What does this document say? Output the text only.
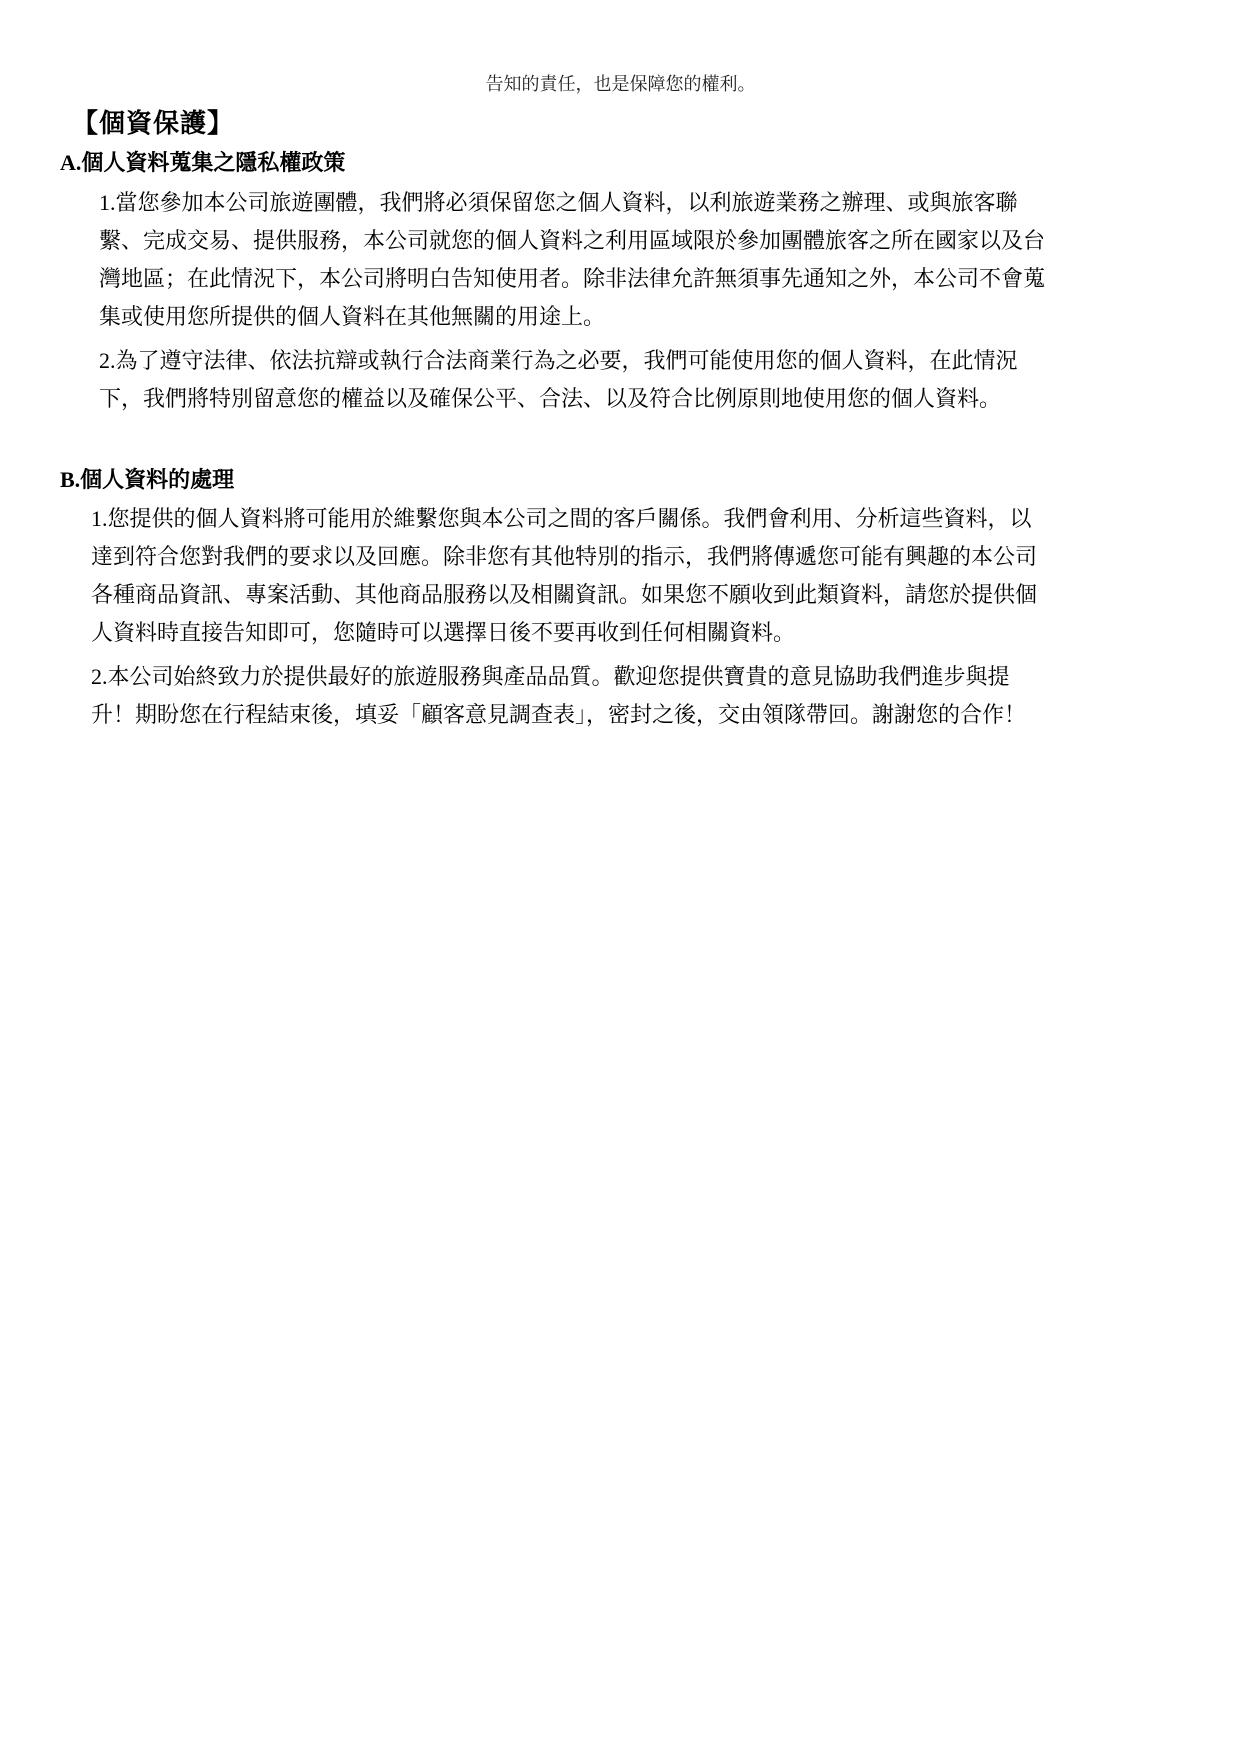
告知的責任，也是保障您的權利。
【個資保護】
A.個人資料蒐集之隱私權政策
1.當您參加本公司旅遊團體，我們將必須保留您之個人資料，以利旅遊業務之辦理、或與旅客聯
繫、完成交易、提供服務，本公司就您的個人資料之利用區域限於參加團體旅客之所在國家以及台
灣地區；在此情況下，本公司將明白告知使用者。除非法律允許無須事先通知之外，本公司不會蒐
集或使用您所提供的個人資料在其他無關的用途上。
2.為了遵守法律、依法抗辯或執行合法商業行為之必要，我們可能使用您的個人資料，在此情況
下，我們將特別留意您的權益以及確保公平、合法、以及符合比例原則地使用您的個人資料。
B.個人資料的處理
1.您提供的個人資料將可能用於維繫您與本公司之間的客戶關係。我們會利用、分析這些資料，以
達到符合您對我們的要求以及回應。除非您有其他特別的指示，我們將傳遞您可能有興趣的本公司
各種商品資訊、專案活動、其他商品服務以及相關資訊。如果您不願收到此類資料，請您於提供個
人資料時直接告知即可，您隨時可以選擇日後不要再收到任何相關資料。
2.本公司始終致力於提供最好的旅遊服務與產品品質。歡迎您提供寶貴的意見協助我們進步與提
升！期盼您在行程結束後，填妥「顧客意見調查表」，密封之後，交由領隊帶回。謝謝您的合作！
